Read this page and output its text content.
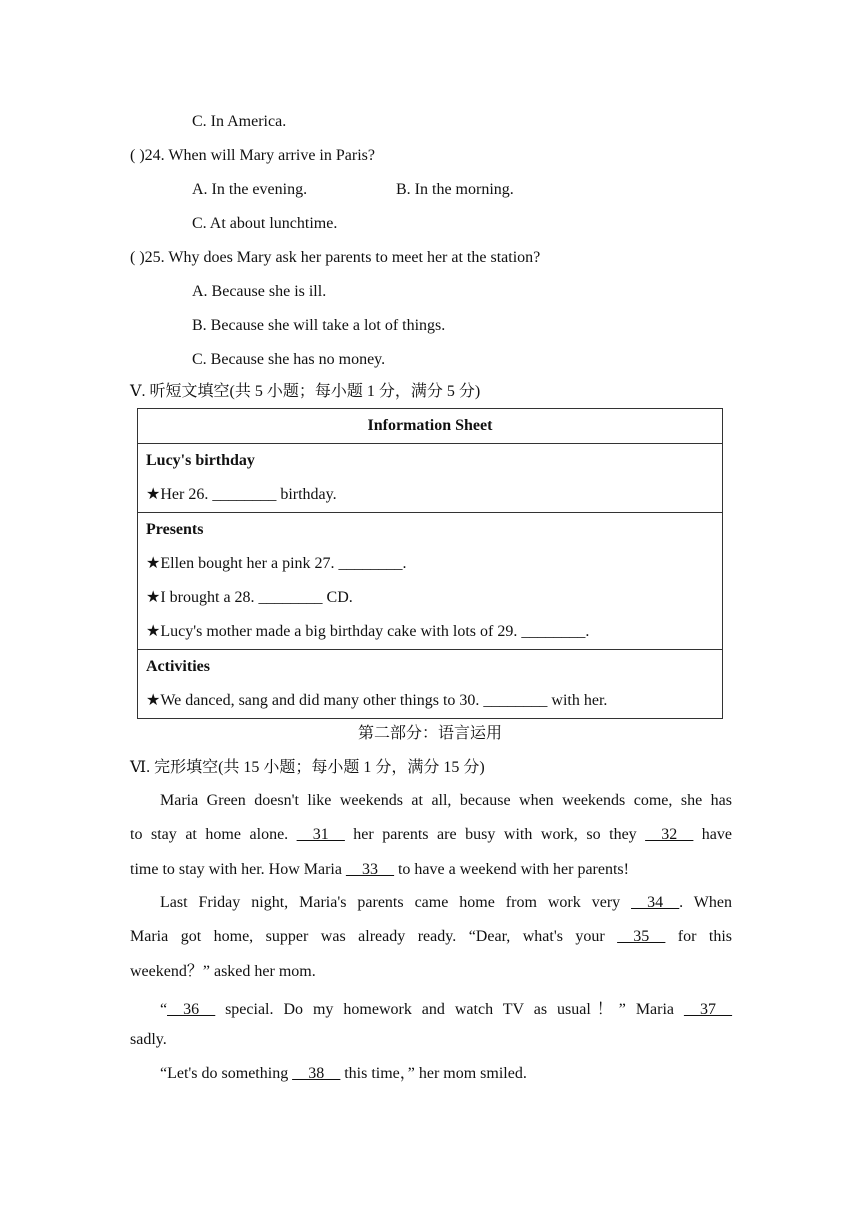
C. In America.
( )24. When will Mary arrive in Paris?
A. In the evening.	B. In the morning.
C. At about lunchtime.
( )25. Why does Mary ask her parents to meet her at the station?
A. Because she is ill.
B. Because she will take a lot of things.
C. Because she has no money.
Ⅴ. 听短文填空(共 5 小题；每小题 1 分，满分 5 分)
Information Sheet

Lucy's birthday
★Her 26. ________ birthday.

Presents
★Ellen bought her a pink 27. ________.
★I brought a 28. ________ CD.
★Lucy's mother made a big birthday cake with lots of 29. ________.

Activities
★We danced, sang and did many other things to 30. ________ with her.
第二部分：语言运用
Ⅵ. 完形填空(共 15 小题；每小题 1 分，满分 15 分)
Maria Green doesn't like weekends at all, because when weekends come, she has
to stay at home alone. __31__ her parents are busy with work, so they __32__ have
time to stay with her. How Maria __33__ to have a weekend with her parents!
Last Friday night, Maria's parents came home from work very __34__. When
Maria got home, supper was already ready. “Dear, what's your __35__ for this
weekend？” asked her mom.
“__36__ special. Do my homework and watch TV as usual！” Maria __37__
sadly.
“Let's do something __38__ this time，” her mom smiled.
